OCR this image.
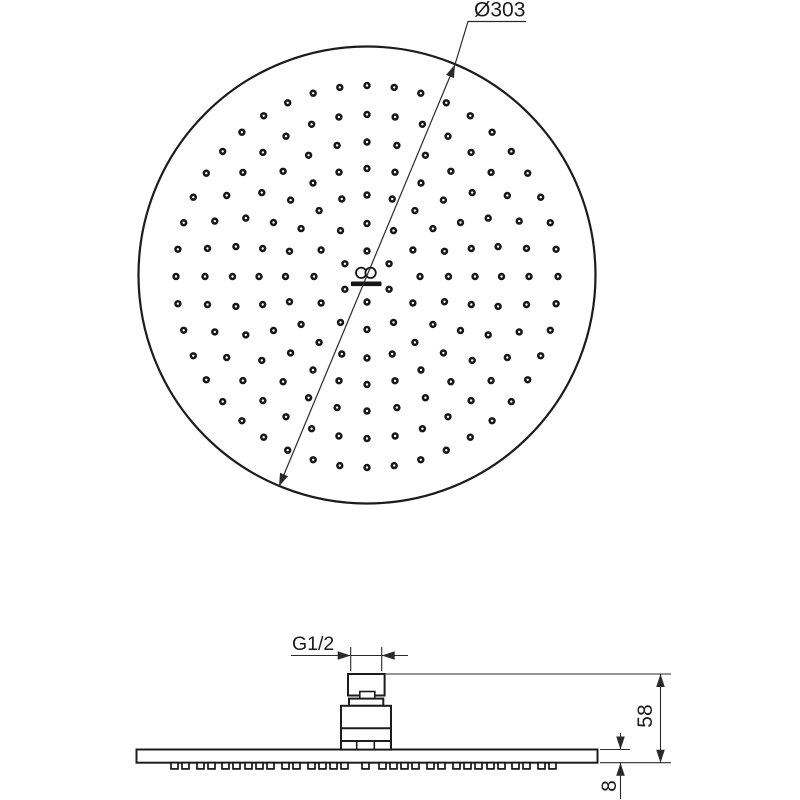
Ø303
G1/2
58
8
